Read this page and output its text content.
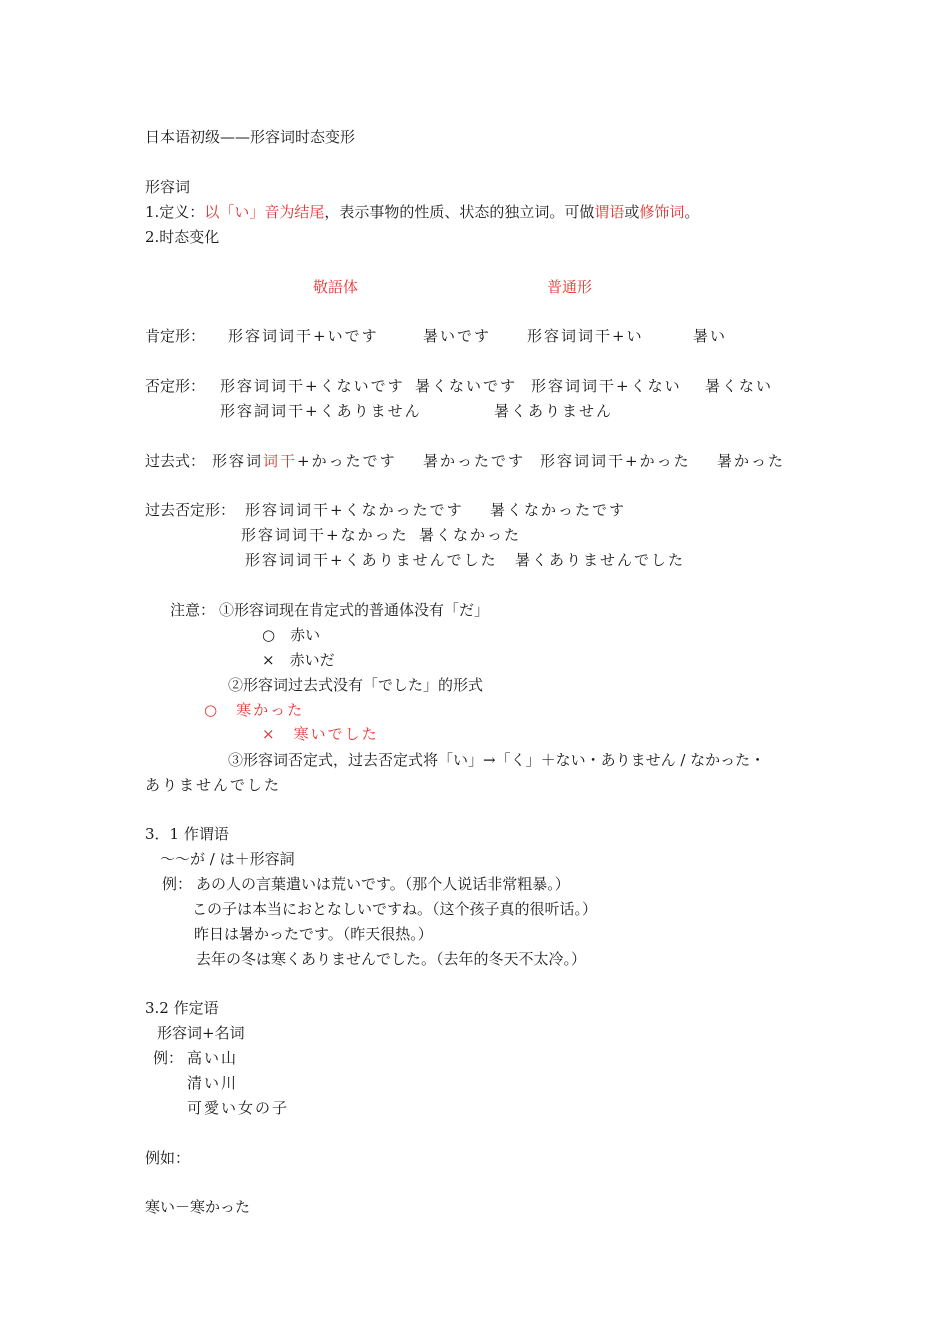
日本语初级——形容词时态变形
形容词
1.定义：以「い」音为结尾，表示事物的性质、状态的独立词。可做谓语或修饰词。
2.时态变化
敬語体	普通形
肯定形： 形容词词干+いです	暑いです 形容词词干+い	暑い
否定形： 形容词词干+くないです 暑くないです 形容词词干+くない 暑くない
形容詞词干+くありません	暑くありません
过去式： 形容词词干+かったです 暑かったです 形容词词干+かった 暑かった
过去否定形： 形容词词干+くなかったです 暑くなかったです
形容词词干+なかった 暑くなかった
形容词词干+くありませんでした 暑くありませんでした
注意： ①形容词现在肯定式的普通体没有「だ」
○　赤い
×　赤いだ
②形容词过去式没有「でした」的形式
○　寒かった
×　寒いでした
③形容词否定式，过去否定式将「い」→「く」＋ない・ありません / なかった・
ありませんでした
3．1 作谓语
～～が / は＋形容詞
例： あの人の言葉遣いは荒いです。（那个人说话非常粗暴。）
この子は本当におとなしいですね。（这个孩子真的很听话。）
昨日は暑かったです。（昨天很热。）
去年の冬は寒くありませんでした。（去年的冬天不太冷。）
3.2 作定语
形容词+名词
例： 高い山
清い川
可愛い女の子
例如：
寒い－寒かった
